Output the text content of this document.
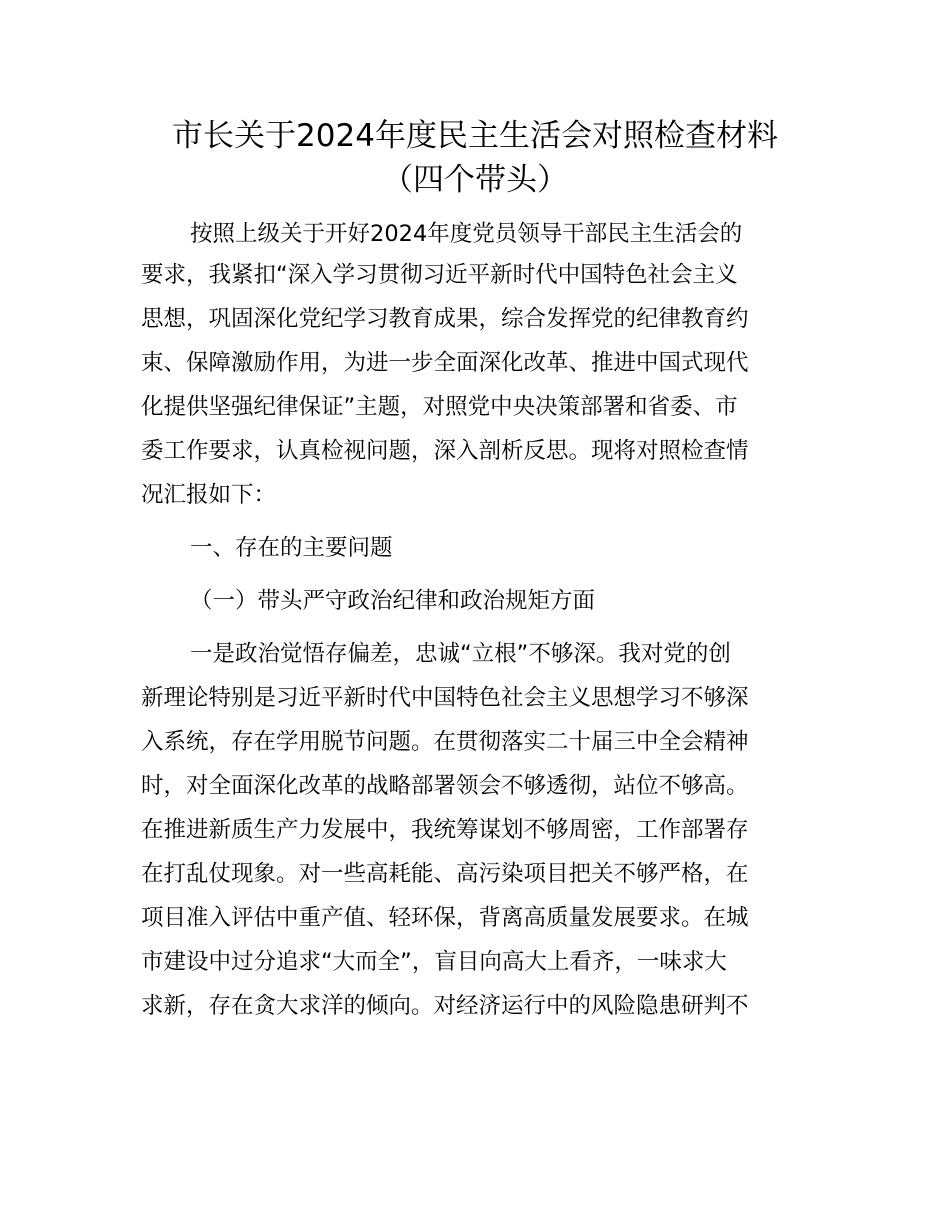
市长关于2024年度民主生活会对照检查材料
（四个带头）
按照上级关于开好2024年度党员领导干部民主生活会的
要求，我紧扣“深入学习贯彻习近平新时代中国特色社会主义
思想，巩固深化党纪学习教育成果，综合发挥党的纪律教育约
束、保障激励作用，为进一步全面深化改革、推进中国式现代
化提供坚强纪律保证”主题，对照党中央决策部署和省委、市
委工作要求，认真检视问题，深入剖析反思。现将对照检查情
况汇报如下：
一、存在的主要问题
（一）带头严守政治纪律和政治规矩方面
一是政治觉悟存偏差，忠诚“立根”不够深。我对党的创
新理论特别是习近平新时代中国特色社会主义思想学习不够深
入系统，存在学用脱节问题。在贯彻落实二十届三中全会精神
时，对全面深化改革的战略部署领会不够透彻，站位不够高。
在推进新质生产力发展中，我统筹谋划不够周密，工作部署存
在打乱仗现象。对一些高耗能、高污染项目把关不够严格，在
项目准入评估中重产值、轻环保，背离高质量发展要求。在城
市建设中过分追求“大而全”，盲目向高大上看齐，一味求大
求新，存在贪大求洋的倾向。对经济运行中的风险隐患研判不
